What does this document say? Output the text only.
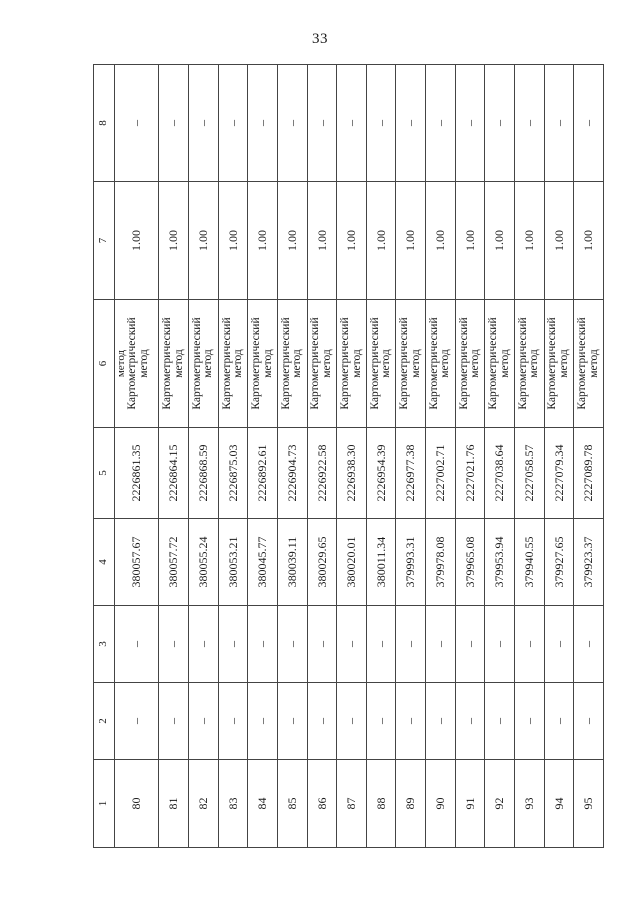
33
1	2	3	4	5	6	7	8
80	–	–	380057.67	2226861.35	метод Картометрический метод	1.00	–
81	–	–	380057.72	2226864.15	Картометрический метод	1.00	–
82	–	–	380055.24	2226868.59	Картометрический метод	1.00	–
83	–	–	380053.21	2226875.03	Картометрический метод	1.00	–
84	–	–	380045.77	2226892.61	Картометрический метод	1.00	–
85	–	–	380039.11	2226904.73	Картометрический метод	1.00	–
86	–	–	380029.65	2226922.58	Картометрический метод	1.00	–
87	–	–	380020.01	2226938.30	Картометрический метод	1.00	–
88	–	–	380011.34	2226954.39	Картометрический метод	1.00	–
89	–	–	379993.31	2226977.38	Картометрический метод	1.00	–
90	–	–	379978.08	2227002.71	Картометрический метод	1.00	–
91	–	–	379965.08	2227021.76	Картометрический метод	1.00	–
92	–	–	379953.94	2227038.64	Картометрический метод	1.00	–
93	–	–	379940.55	2227058.57	Картометрический метод	1.00	–
94	–	–	379927.65	2227079.34	Картометрический метод	1.00	–
95	–	–	379923.37	2227089.78	Картометрический метод	1.00	–
